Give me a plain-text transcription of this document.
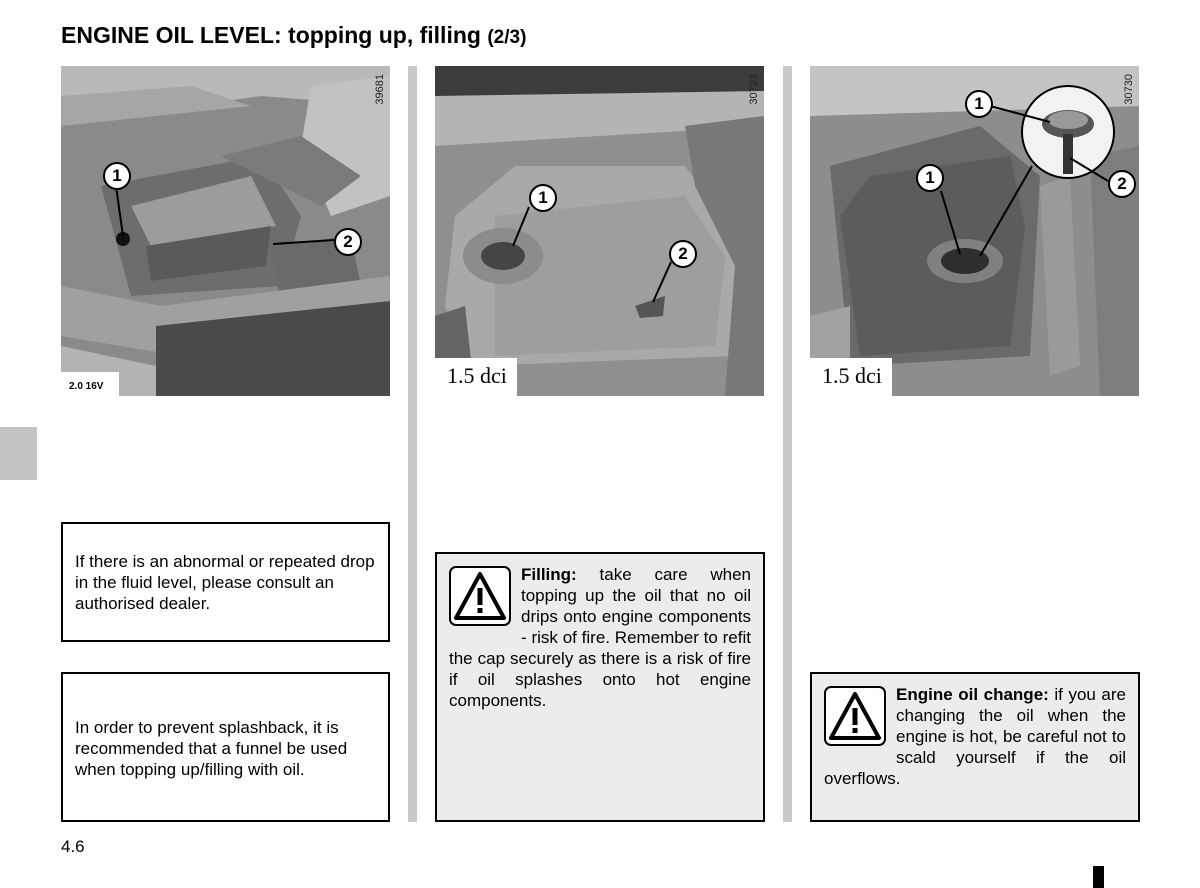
ENGINE OIL LEVEL: topping up, filling (2/3)
1
2
39681
2.0 16V
1
2
30723
1.5 dci
1
1	2
30730
1.5 dci
If there is an abnormal or repeated drop in the fluid level, please consult an authorised dealer.
In order to prevent splashback, it is recommended that a funnel be used when topping up/filling with oil.
Filling: take care when topping up the oil that no oil drips onto engine components - risk of fire. Remember to refit the cap securely as there is a risk of fire if oil splashes onto hot engine components.	Engine oil change: if you are changing the oil when the engine is hot, be careful not to scald yourself if the oil overflows.
4.6
